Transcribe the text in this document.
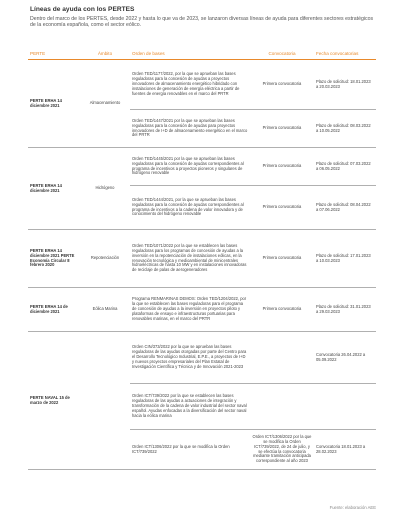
Líneas de ayuda con los PERTES
Dentro del marco de los PERTES, desde 2022 y hasta lo que va de 2023, se lanzaron diversas líneas de ayuda para diferentes sectores estratégicos de la economía española, como el sector eólico.
PERTE	Ámbito	Orden de bases	Convocatoria	Fecha convocatorias
PERTE ERHA 14 diciembre 2021	Almacenamiento	Orden TED/1177/2022, por la que se aprueban las bases reguladoras para la concesión de ayudas a proyectos innovadores de almacenamiento energético hibridado con instalaciones de generación de energía eléctrica a partir de fuentes de energía renovables en el marco del PRTR	Primera convocatoria	Plazo de solicitud: 18.01.2023 a 20.03.2023
		Orden TED/1447/2021 por la que se aprueban las bases reguladoras para la concesión de ayudas para proyectos innovadores de I+D de almacenamiento energético en el marco del PRTR	Primera convocatoria	Plazo de solicitud: 08.03.2022 a 10.05.2022
PERTE ERHA 14 diciembre 2021	Hidrógeno	Orden TED/1445/2021 por la que se aprueban las bases reguladoras para la concesión de ayudas correspondientes al programa de incentivos a proyectos pioneros y singulares de hidrógeno renovable	Primera convocatoria	Plazo de solicitud: 07.03.2022 a 06.05.2022
		Orden TED/1444/2021, por la que se aprueban las bases reguladoras para la concesión de ayudas correspondientes al programa de incentivos a la cadena de valor innovadora y de conocimiento del hidrógeno renovable	Primera convocatoria	Plazo de solicitud: 08.04.2022 a 07.06.2022
PERTE ERHA 14 diciembre 2021 PERTE Economía Circular 8 febrero 2020	Repotenciación	Orden TED/1071/2022 por la que se establecen las bases reguladoras para los programas de concesión de ayudas a la inversión en la repotenciación de instalaciones eólicas, en la renovación tecnológica y medioambiental de minicentrales hidroeléctricas de hasta 10 MW y en instalaciones innovadoras de reciclaje de palas de aerogeneradores	Primera convocatoria	Plazo de solicitud: 17.01.2023 a 10.03.2023
PERTE ERHA 14 de diciembre 2021	Eólica Marina	Programa RENMARINAS DEMOS: Orden TED/1204/2022, por la que se establecen las bases reguladoras para el programa de concesión de ayudas a la inversión en proyectos piloto y plataformas de ensayo e infraestructuras portuarias para renovables marinas, en el marco del PRTR	Primera convocatoria	Plazo de solicitud: 31.01.2023 a 29.03.2023
PERTE NAVAL 15 de marzo de 2022		Orden CIN/373/2022 por la que se aprueban las bases reguladoras de las ayudas otorgadas por parte del Centro para el Desarrollo Tecnológico Industrial, E.P.E., a proyectos de I+D y nuevos proyectos empresariales del Plan Estatal de Investigación Científica y Técnica y de Innovación 2021-2023		Convocatoria 26.04.2022 a 05.09.2022
		Orden ICT/739/2022 por la que se establecen las bases reguladoras de las ayudas a actuaciones de integración y transformación de la cadena de valor industrial del sector naval español. Ayudas enfocadas a la diversificación del sector naval hacia la eólica marina		
		Orden ICT/1306/2022 por la que se modifica la Orden ICT/739/2022	Orden ICT/1306/2022 por la que se modifica la Orden ICT/739/2022, de 24 de julio, y se efectúa la convocatoria mediante tramitación anticipada correspondiente al año 2023	Convocatoria 18.01.2023 a 28.02.2023
Fuente: elaboración AEE
